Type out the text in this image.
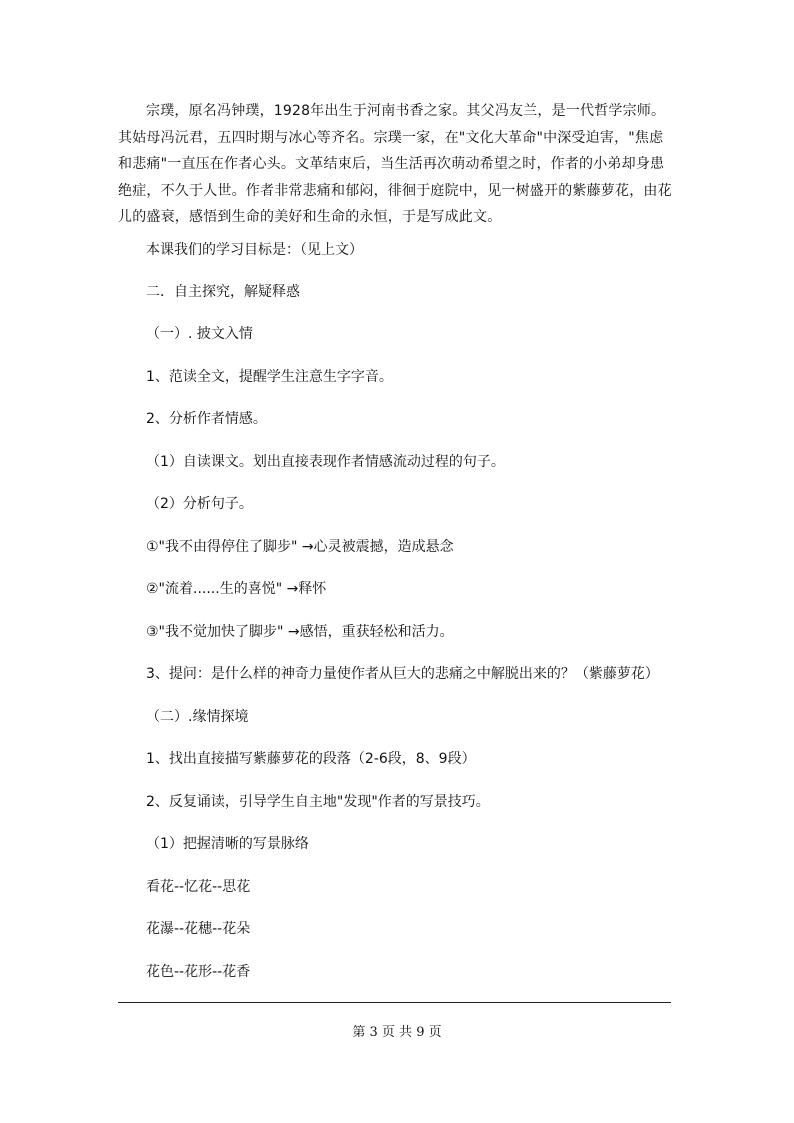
宗璞，原名冯钟璞，1928年出生于河南书香之家。其父冯友兰，是一代哲学宗师。其姑母冯沅君，五四时期与冰心等齐名。宗璞一家，在"文化大革命"中深受迫害，"焦虑和悲痛"一直压在作者心头。文革结束后，当生活再次萌动希望之时，作者的小弟却身患绝症，不久于人世。作者非常悲痛和郁闷，徘徊于庭院中，见一树盛开的紫藤萝花，由花儿的盛衰，感悟到生命的美好和生命的永恒，于是写成此文。

本课我们的学习目标是：（见上文）

二．自主探究，解疑释惑

（一）. 披文入情

1、范读全文，提醒学生注意生字字音。

2、分析作者情感。

（1）自读课文。划出直接表现作者情感流动过程的句子。

（2）分析句子。

①"我不由得停住了脚步" →心灵被震撼，造成悬念

②"流着......生的喜悦" →释怀

③"我不觉加快了脚步" →感悟，重获轻松和活力。

3、提问：是什么样的神奇力量使作者从巨大的悲痛之中解脱出来的？（紫藤萝花）

（二）.缘情探境

1、找出直接描写紫藤萝花的段落（2-6段，8、9段）

2、反复诵读，引导学生自主地"发现"作者的写景技巧。

（1）把握清晰的写景脉络

看花--忆花--思花

花瀑--花穗--花朵

花色--花形--花香

第 3 页 共 9 页
